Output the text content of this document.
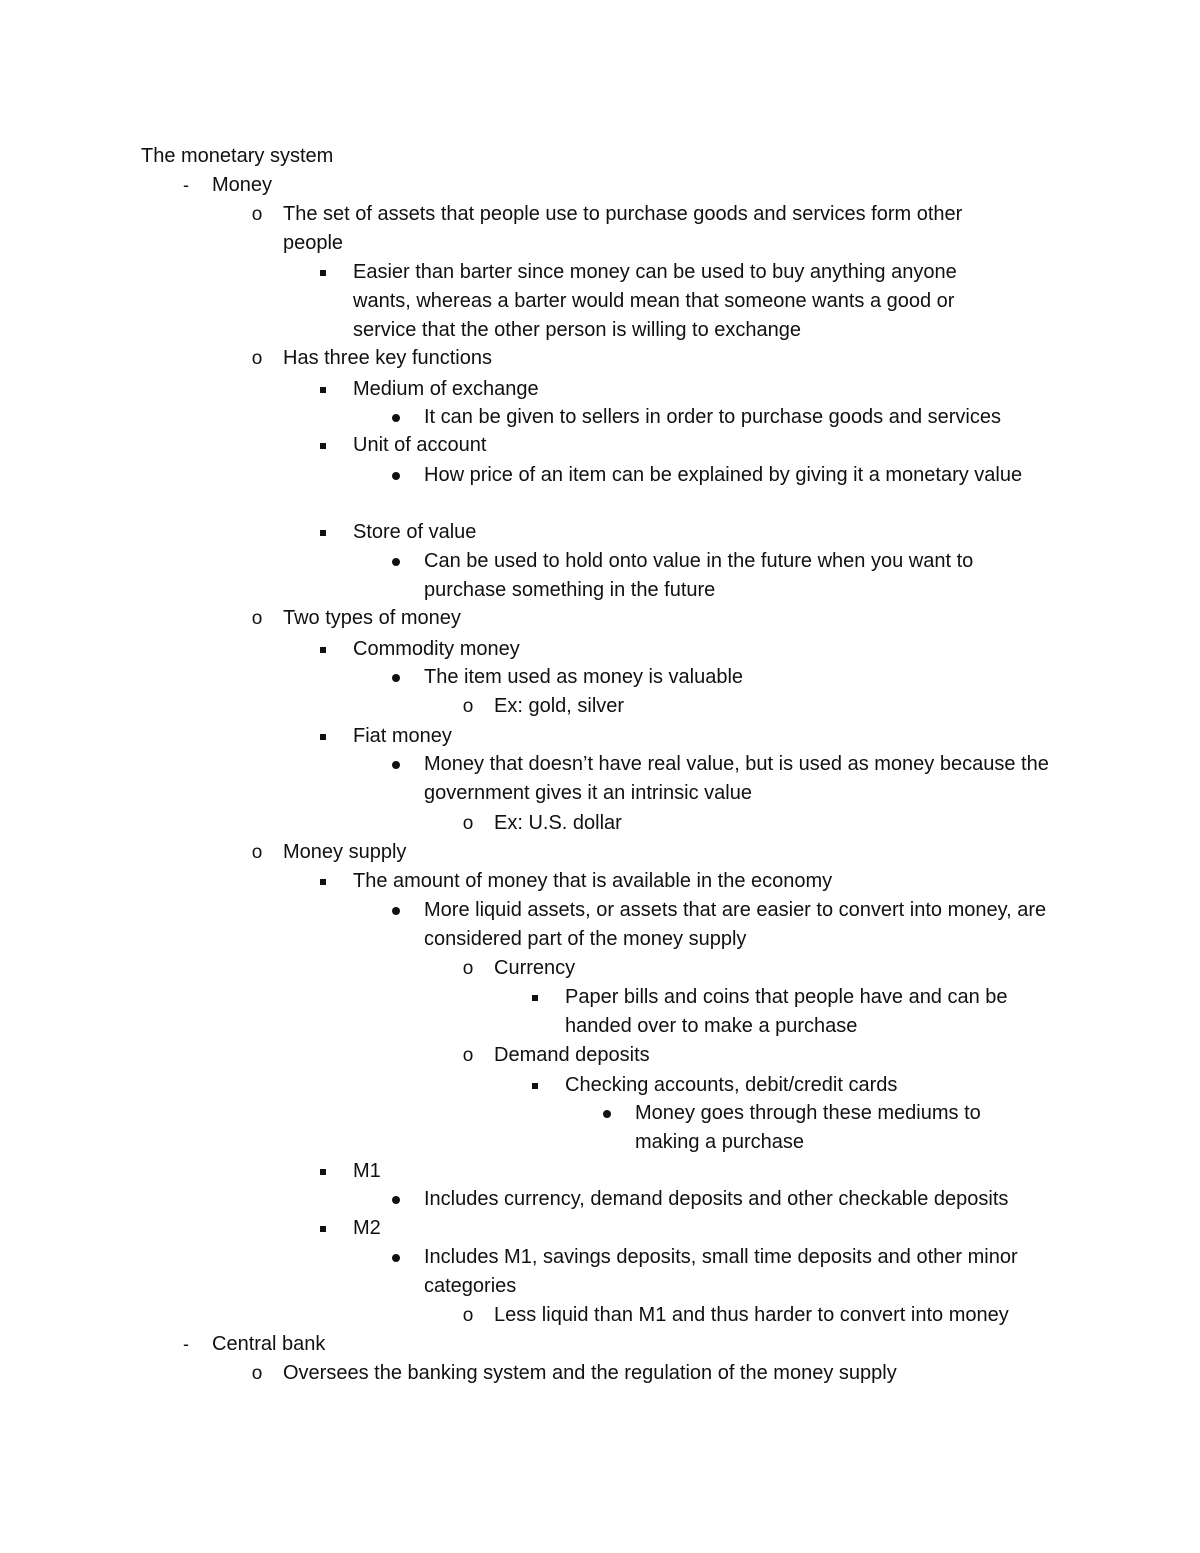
The monetary system
-	Money
o The set of assets that people use to purchase goods and services form other people
Easier than barter since money can be used to buy anything anyone wants, whereas a barter would mean that someone wants a good or service that the other person is willing to exchange
o Has three key functions
Medium of exchange
It can be given to sellers in order to purchase goods and services
Unit of account
How price of an item can be explained by giving it a monetary value
Store of value
Can be used to hold onto value in the future when you want to purchase something in the future
o Two types of money
Commodity money
The item used as money is valuable
o Ex: gold, silver
Fiat money
Money that doesn’t have real value, but is used as money because the government gives it an intrinsic value
o Ex: U.S. dollar
o Money supply
The amount of money that is available in the economy
More liquid assets, or assets that are easier to convert into money, are considered part of the money supply
o Currency
Paper bills and coins that people have and can be handed over to make a purchase
o Demand deposits
Checking accounts, debit/credit cards
Money goes through these mediums to making a purchase
M1
Includes currency, demand deposits and other checkable deposits
M2
Includes M1, savings deposits, small time deposits and other minor categories
o Less liquid than M1 and thus harder to convert into money
-	Central bank
o Oversees the banking system and the regulation of the money supply
